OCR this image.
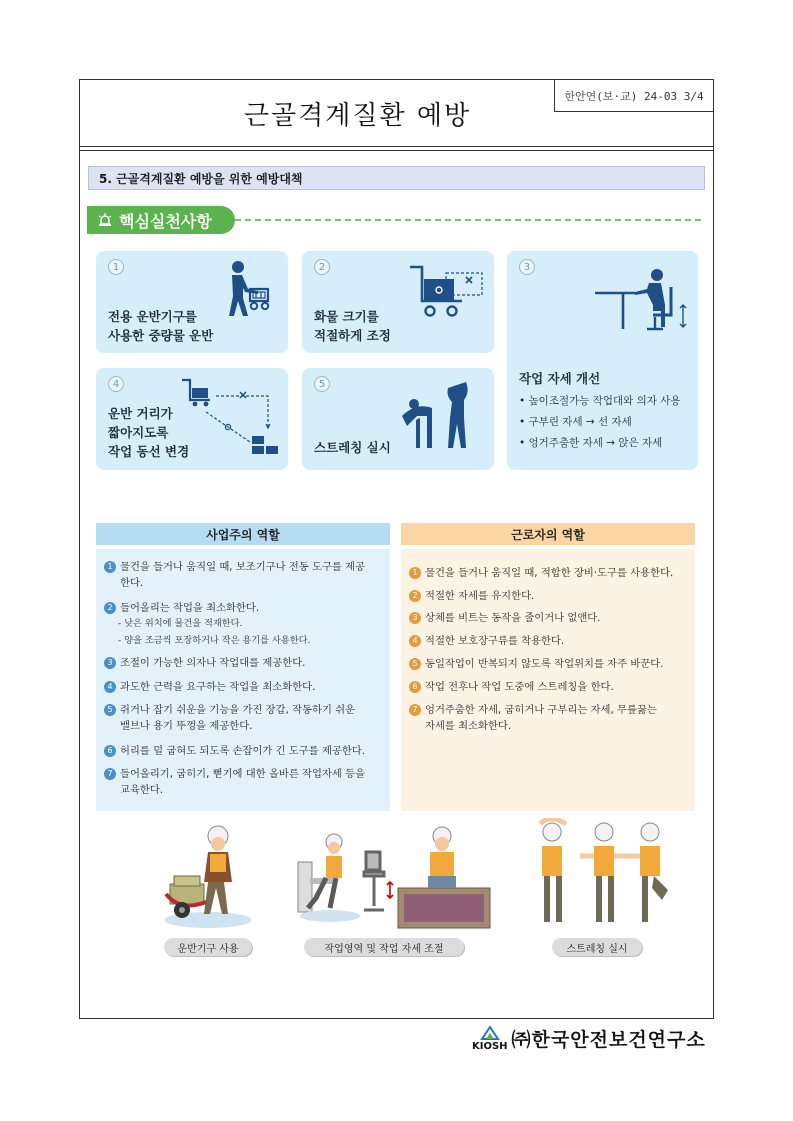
근골격계질환 예방
한안연(보·교) 24-03 3/4
5. 근골격계질환 예방을 위한 예방대책
핵심실천사항
1
전용 운반기구를
사용한 중량물 운반
2
화물 크기를
적절하게 조정
3
작업 자세 개선
• 높이조절가능 작업대와 의자 사용
• 구부린 자세 → 선 자세
• 엉거주춤한 자세 → 앉은 자세
4
운반 거리가
짧아지도록
작업 동선 변경
5
스트레칭 실시
사업주의 역할
1 물건을 들거나 움직일 때, 보조기구나 전동 도구를 제공
한다.
2 들어올리는 작업을 최소화한다.
- 낮은 위치에 물건을 적재한다.
- 양을 조금씩 포장하거나 작은 용기를 사용한다.
3 조절이 가능한 의자나 작업대를 제공한다.
4 과도한 근력을 요구하는 작업을 최소화한다.
5 쥐거나 잡기 쉬운을 기능을 가진 장갑, 작동하기 쉬운
밸브나 용기 뚜껑을 제공한다.
6 허리를 덜 굽혀도 되도록 손잡이가 긴 도구를 제공한다.
7 들어올리기, 굽히기, 뻗기에 대한 올바른 작업자세 등을
교육한다.
근로자의 역할
1 물건을 들거나 움직일 때, 적합한 장비·도구를 사용한다.
2 적절한 자세를 유지한다.
3 상체를 비트는 동작을 줄이거나 없앤다.
4 적절한 보호장구류를 착용한다.
5 동일작업이 반복되지 않도록 작업위치를 자주 바꾼다.
6 작업 전후나 작업 도중에 스트레칭을 한다.
7 엉거주춤한 자세, 굽히거나 구부리는 자세, 무릎꿇는
자세를 최소화한다.
운반기구 사용	작업영역 및 작업 자세 조절	스트레칭 실시
KIOSH ㈜한국안전보건연구소
